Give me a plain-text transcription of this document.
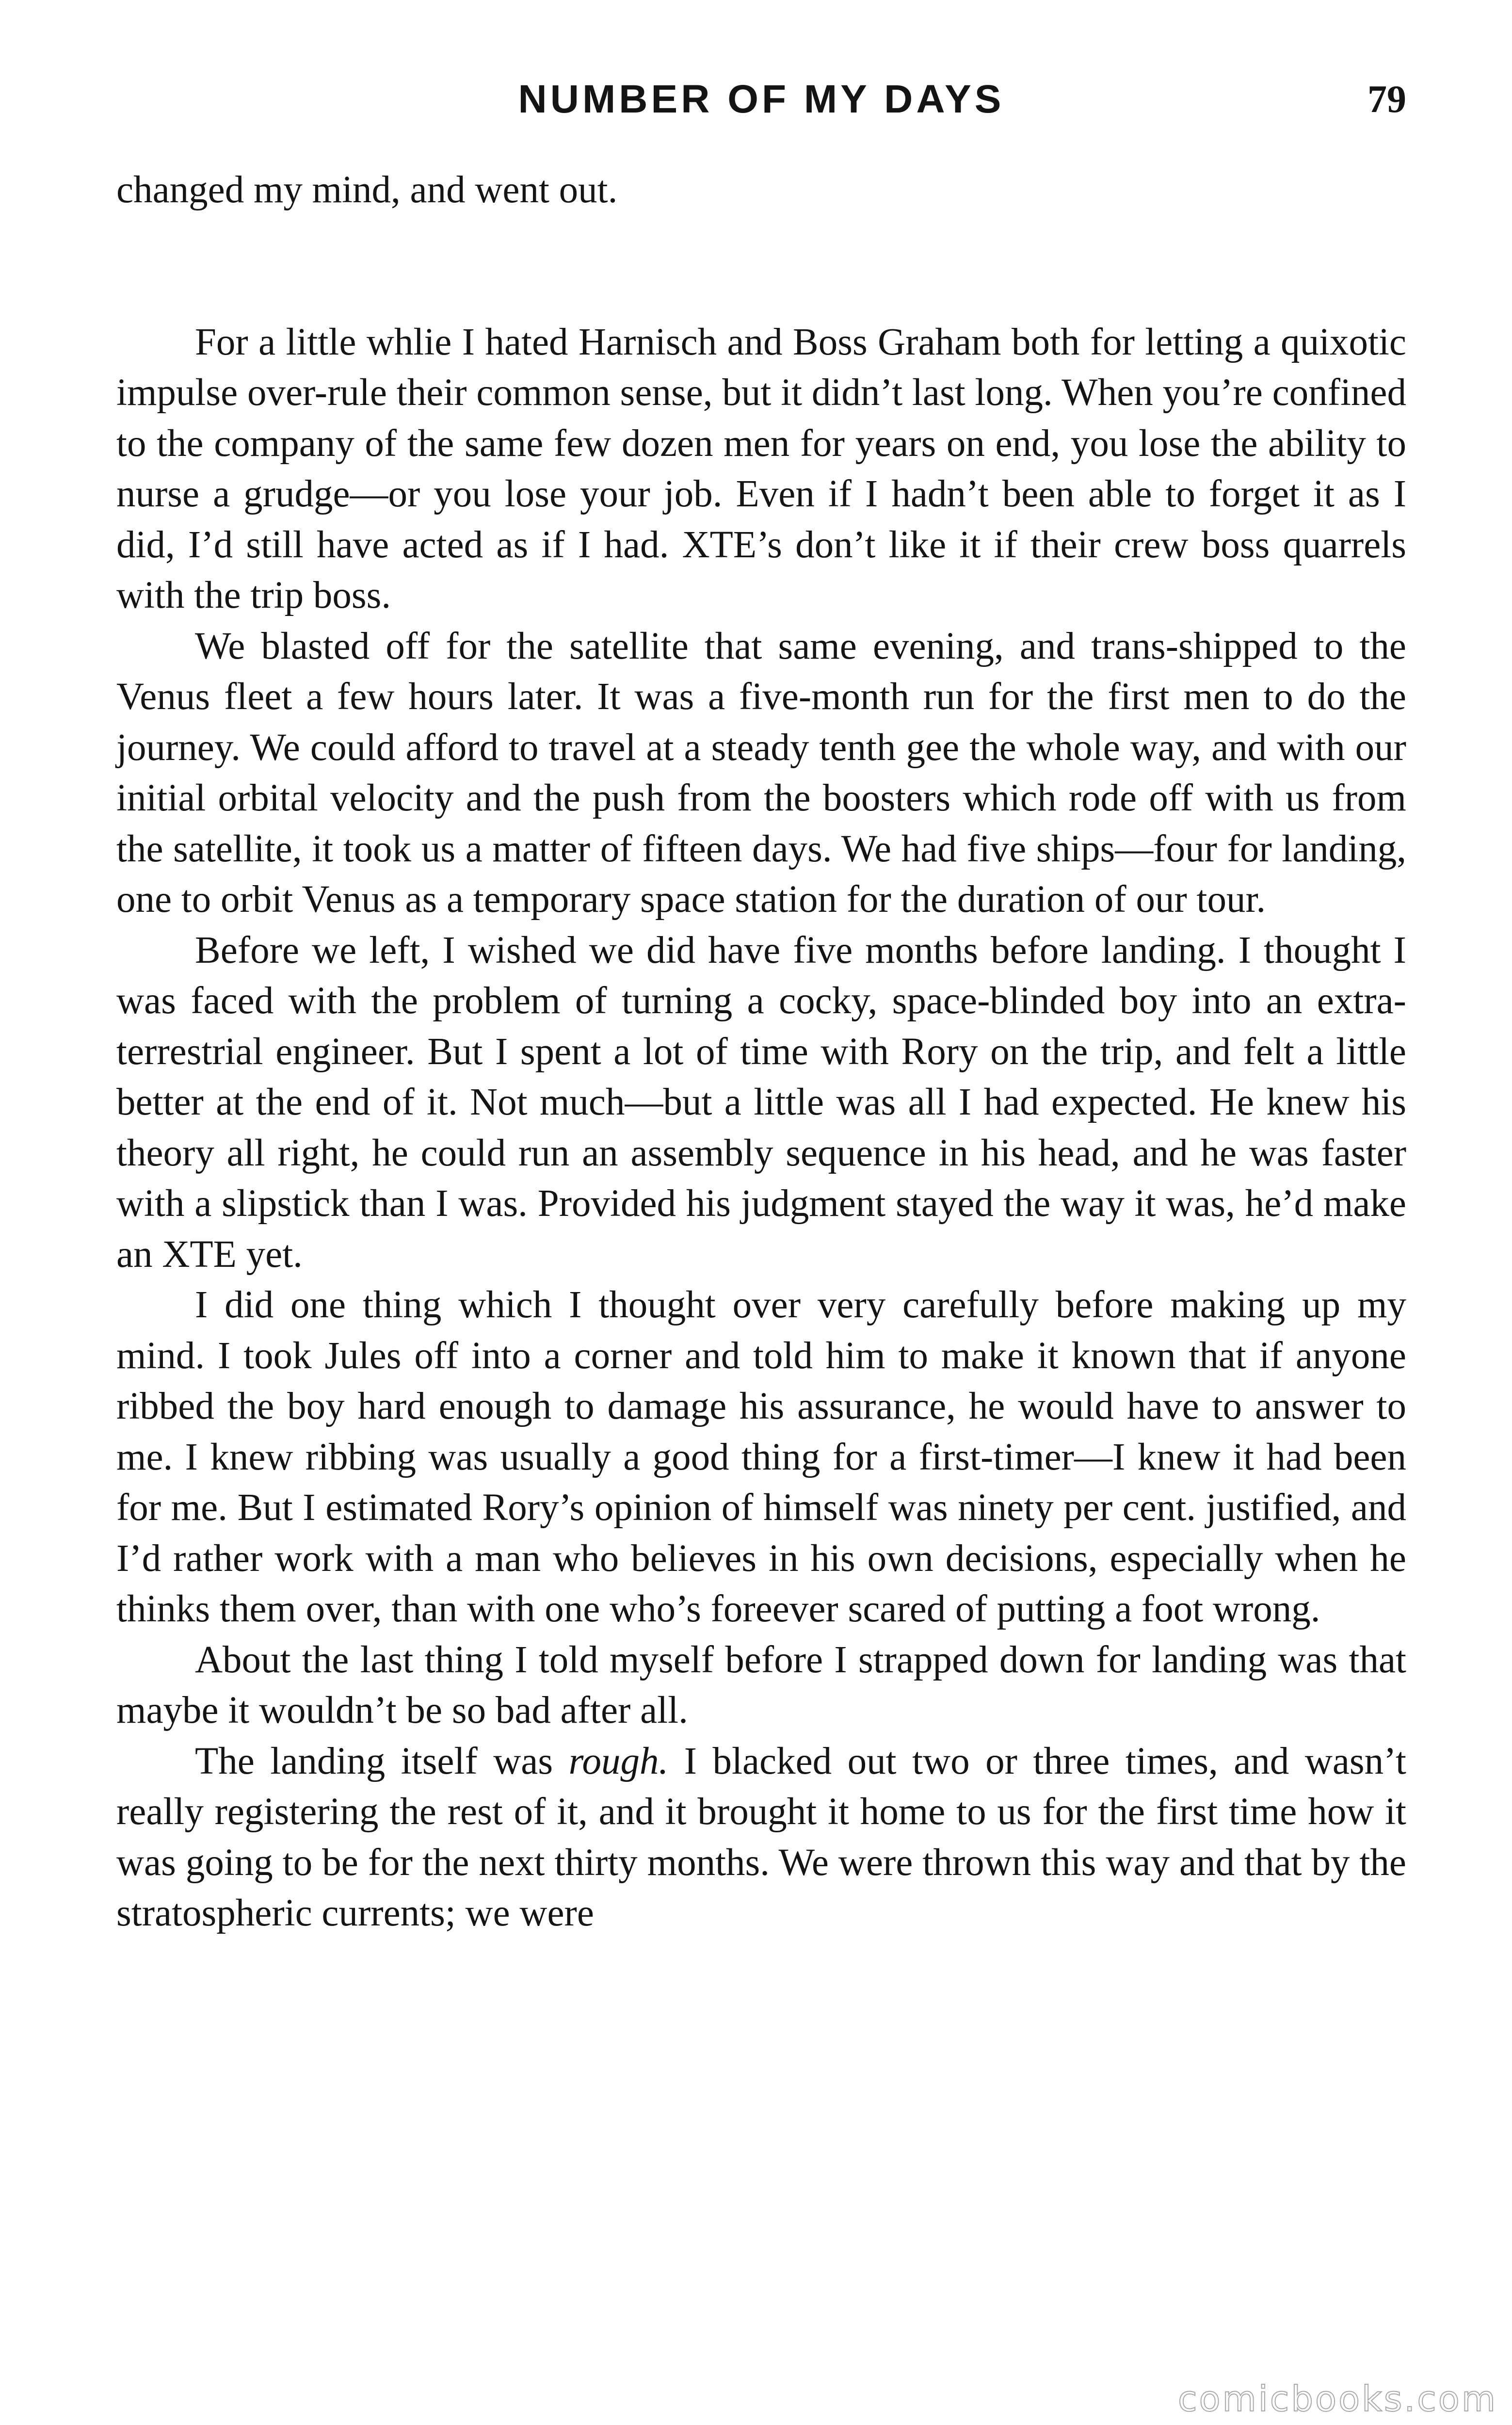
NUMBER OF MY DAYS	79

changed my mind, and went out.

For a little whlie I hated Harnisch and Boss Graham both for letting a quixotic impulse over-rule their common sense, but it didn’t last long. When you’re confined to the company of the same few dozen men for years on end, you lose the ability to nurse a grudge—or you lose your job. Even if I hadn’t been able to forget it as I did, I’d still have acted as if I had. XTE’s don’t like it if their crew boss quarrels with the trip boss.

We blasted off for the satellite that same evening, and trans-shipped to the Venus fleet a few hours later. It was a five-month run for the first men to do the journey. We could afford to travel at a steady tenth gee the whole way, and with our initial orbital velocity and the push from the boosters which rode off with us from the satellite, it took us a matter of fifteen days. We had five ships—four for landing, one to orbit Venus as a temporary space station for the duration of our tour.

Before we left, I wished we did have five months before landing. I thought I was faced with the problem of turning a cocky, space-blinded boy into an extra-terrestrial engineer. But I spent a lot of time with Rory on the trip, and felt a little better at the end of it. Not much—but a little was all I had expected. He knew his theory all right, he could run an assembly sequence in his head, and he was faster with a slipstick than I was. Provided his judgment stayed the way it was, he’d make an XTE yet.

I did one thing which I thought over very carefully before making up my mind. I took Jules off into a corner and told him to make it known that if anyone ribbed the boy hard enough to damage his assurance, he would have to answer to me. I knew ribbing was usually a good thing for a first-timer—I knew it had been for me. But I estimated Rory’s opinion of himself was ninety per cent. justified, and I’d rather work with a man who believes in his own decisions, especially when he thinks them over, than with one who’s foreever scared of putting a foot wrong.

About the last thing I told myself before I strapped down for landing was that maybe it wouldn’t be so bad after all.

The landing itself was rough. I blacked out two or three times, and wasn’t really registering the rest of it, and it brought it home to us for the first time how it was going to be for the next thirty months. We were thrown this way and that by the stratospheric currents; we were

comicbooks.com
